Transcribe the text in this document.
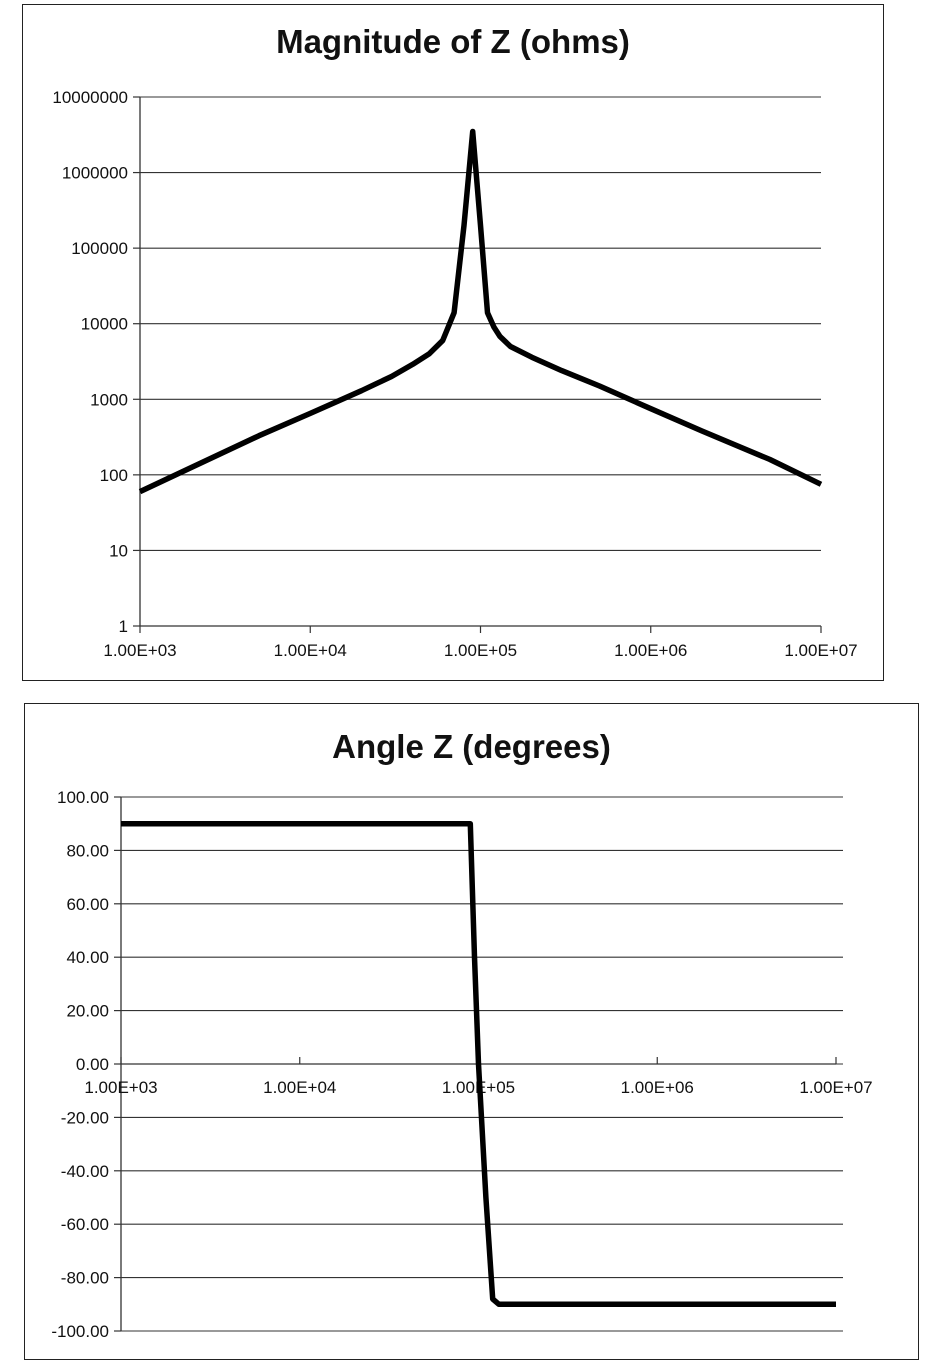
Magnitude of Z (ohms)
1
10
100
1000
10000
100000
1000000
10000000
1.00E+03	1.00E+04	1.00E+05	1.00E+06	1.00E+07
Angle Z (degrees)
100.00
80.00
60.00
40.00
20.00
0.00
-20.00
-40.00
-60.00
-80.00
-100.00
1.00E+03	1.00E+04	1.00E+05	1.00E+06	1.00E+07
